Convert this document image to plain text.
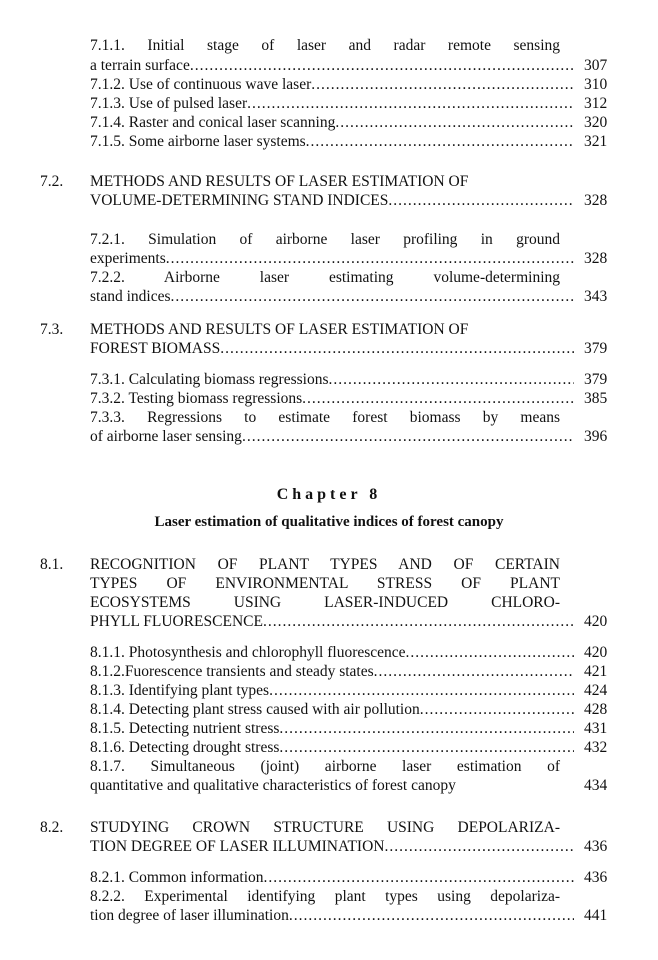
7.1.1. Initial stage of laser and radar remote sensing
a terrain surface .....	307
7.1.2. Use of continuous wave laser .....	310
7.1.3. Use of pulsed laser .....	312
7.1.4. Raster and conical laser scanning .....	320
7.1.5. Some airborne laser systems .....	321
7.2. METHODS AND RESULTS OF LASER ESTIMATION OF
VOLUME-DETERMINING STAND INDICES .....	328
7.2.1. Simulation of airborne laser profiling in ground
experiments .....	328
7.2.2. Airborne laser estimating volume-determining
stand indices .....	343
7.3. METHODS AND RESULTS OF LASER ESTIMATION OF
FOREST BIOMASS .....	379
7.3.1. Calculating biomass regressions .....	379
7.3.2. Testing biomass regressions .....	385
7.3.3. Regressions to estimate forest biomass by means
of airborne laser sensing .....	396
Chapter 8
Laser estimation of qualitative indices of forest canopy
8.1. RECOGNITION OF PLANT TYPES AND OF CERTAIN
TYPES OF ENVIRONMENTAL STRESS OF PLANT
ECOSYSTEMS USING LASER-INDUCED CHLORO-
PHYLL FLUORESCENCE .....	420
8.1.1. Photosynthesis and chlorophyll fluorescence .....	420
8.1.2.Fuorescence transients and steady states .....	421
8.1.3. Identifying plant types .....	424
8.1.4. Detecting plant stress caused with air pollution .....	428
8.1.5. Detecting nutrient stress .....	431
8.1.6. Detecting drought stress .....	432
8.1.7. Simultaneous (joint) airborne laser estimation of
quantitative and qualitative characteristics of forest canopy	434
8.2. STUDYING CROWN STRUCTURE USING DEPOLARIZA-
TION DEGREE OF LASER ILLUMINATION .....	436
8.2.1. Common information .....	436
8.2.2. Experimental identifying plant types using depolariza-
tion degree of laser illumination .....	441
